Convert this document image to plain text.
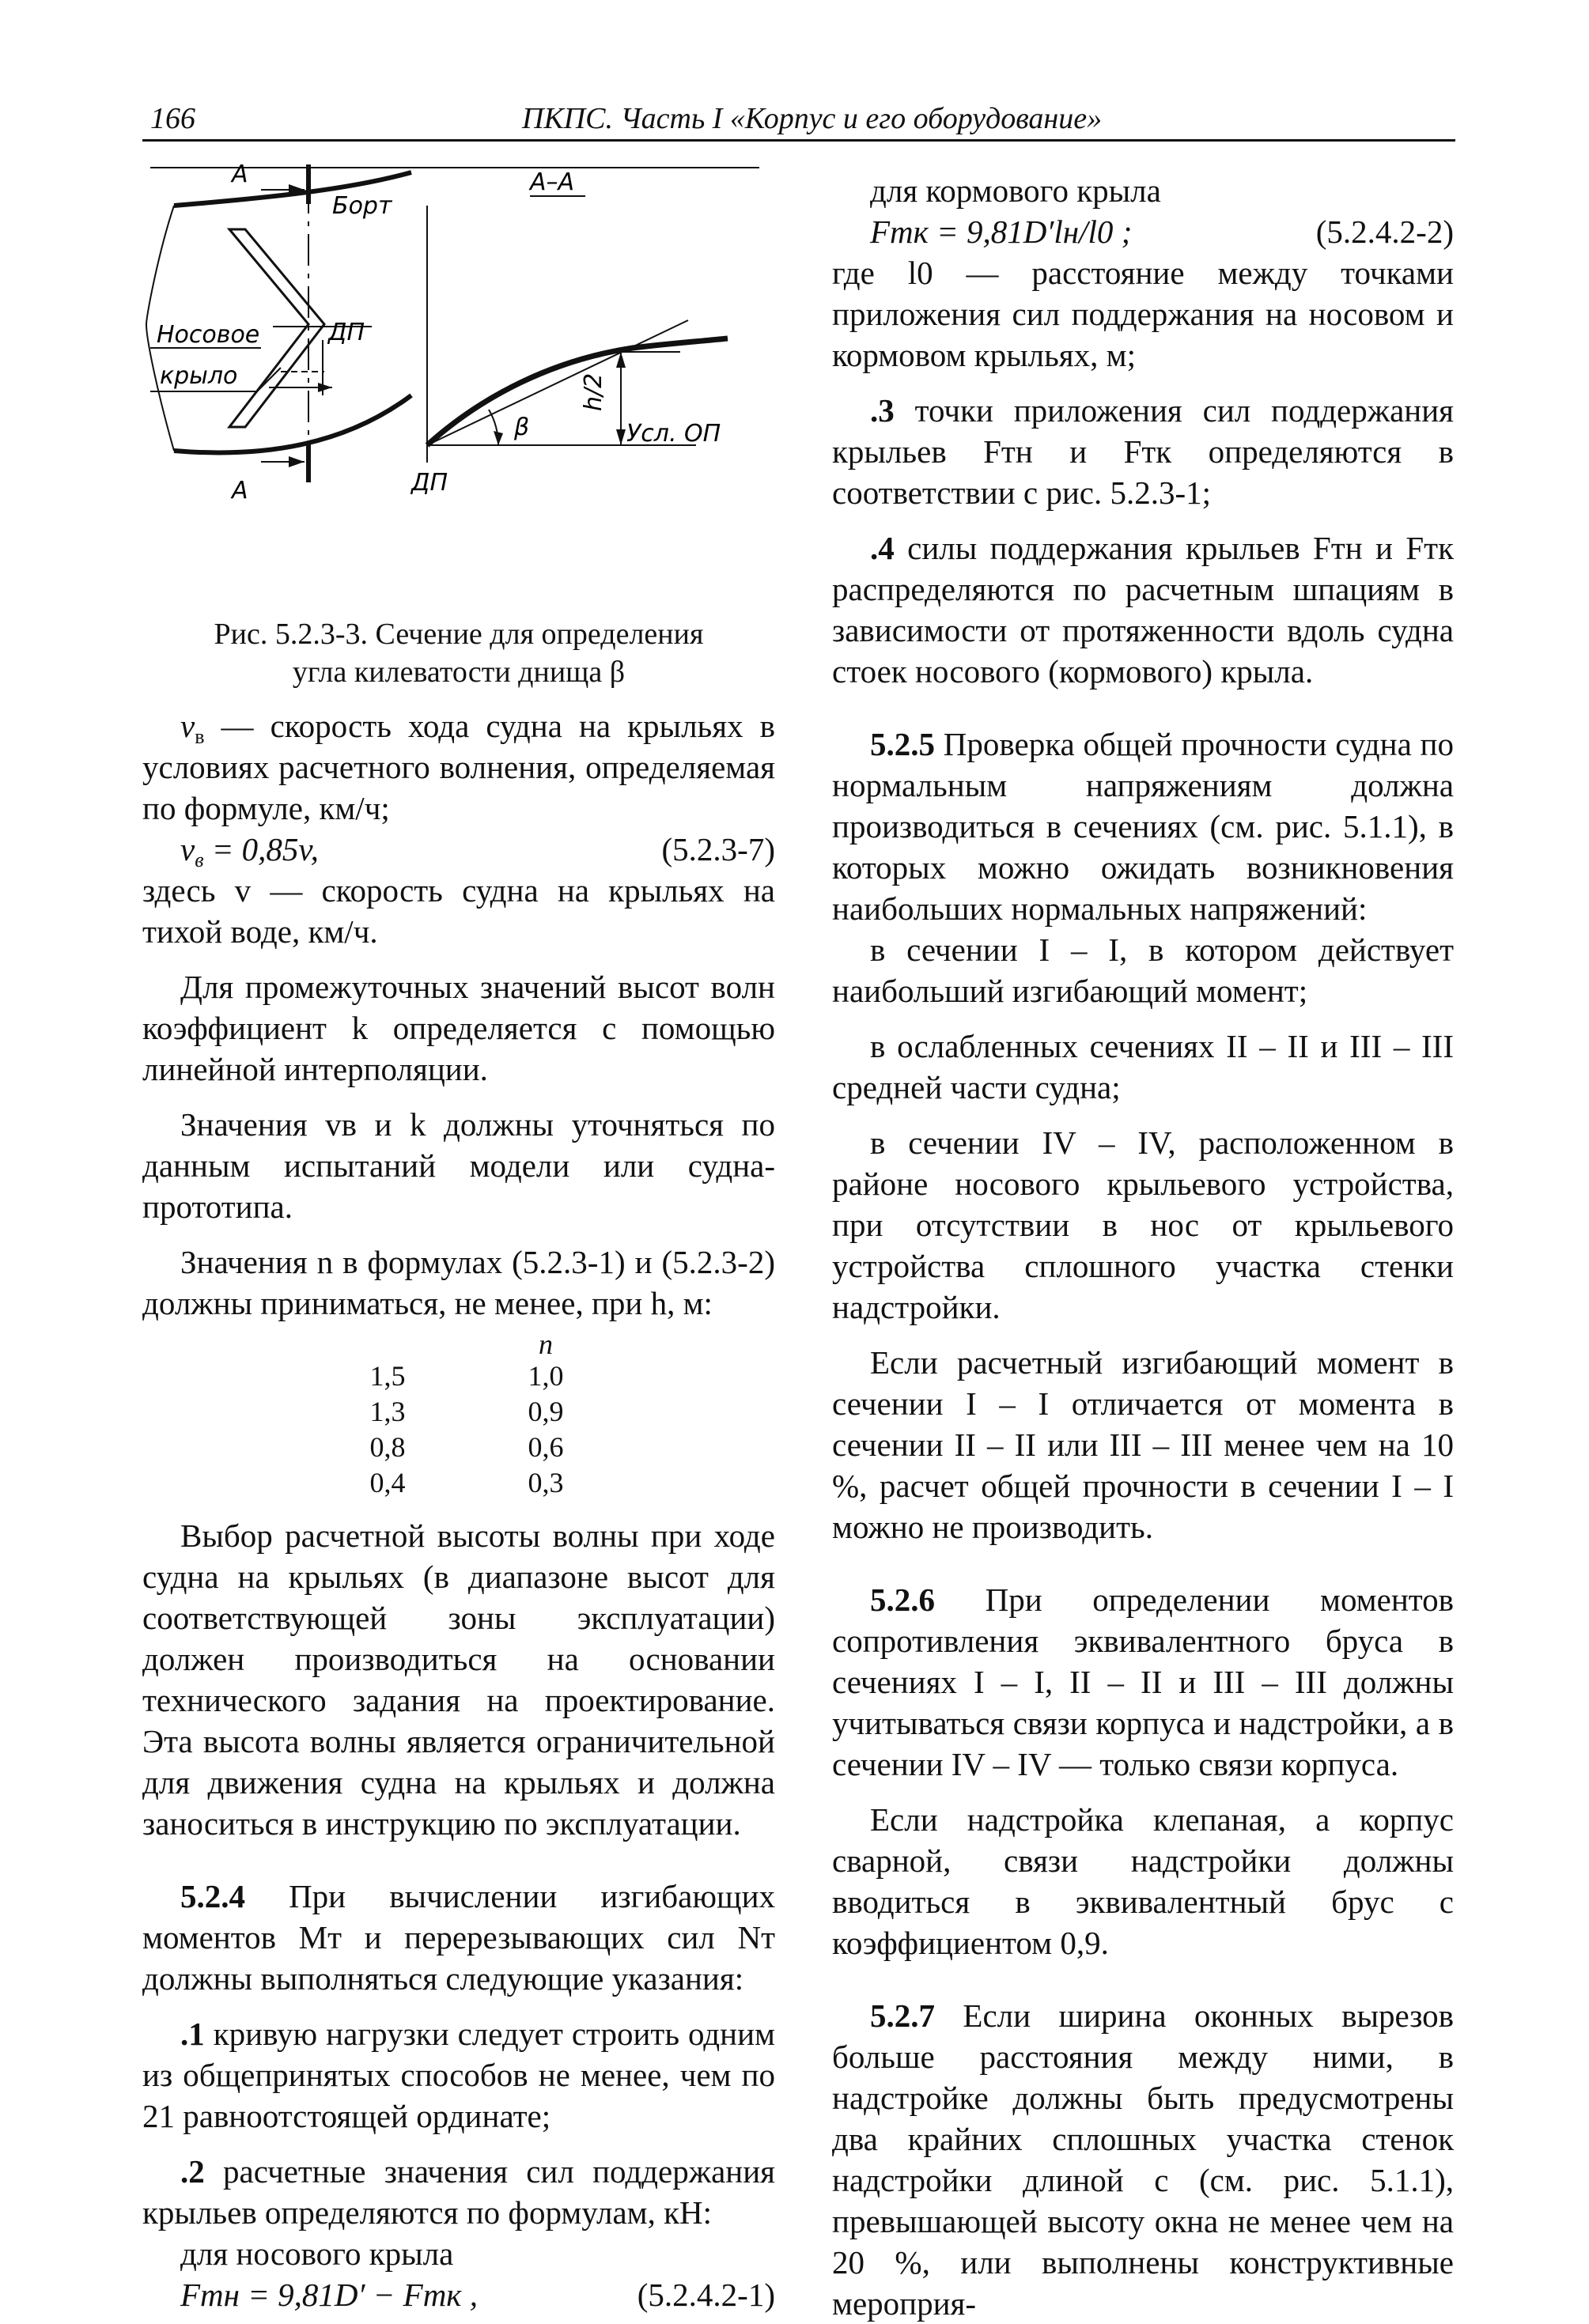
166	ПКПС. Часть I «Корпус и его оборудование»
А
А
Борт
ДП
Носовое
крыло
А–А
β
h/2
Усл. ОП
ДП
Рис. 5.2.3-3. Сечение для определения
угла килеватости днища β

$v_в$ — скорость хода судна на крыльях в условиях расчетного волнения, определяемая по формуле, км/ч;

$v_в = 0,85v$,	(5.2.3-7)

здесь v — скорость судна на крыльях на тихой воде, км/ч.

Для промежуточных значений высот волн коэффициент k определяется с помощью линейной интерполяции.

Значения vв и k должны уточняться по данным испытаний модели или судна-прототипа.

Значения n в формулах (5.2.3-1) и (5.2.3-2) должны приниматься, не менее, при h, м:

n
1,5	1,0
1,3	0,9
0,8	0,6
0,4	0,3

Выбор расчетной высоты волны при ходе судна на крыльях (в диапазоне высот для соответствующей зоны эксплуатации) должен производиться на основании технического задания на проектирование. Эта высота волны является ограничительной для движения судна на крыльях и должна заноситься в инструкцию по эксплуатации.

5.2.4 При вычислении изгибающих моментов Mт и перерезывающих сил Nт должны выполняться следующие указания:

.1 кривую нагрузки следует строить одним из общепринятых способов не менее, чем по 21 равноотстоящей ординате;

.2 расчетные значения сил поддержания крыльев определяются по формулам, кН:

для носового крыла

Fтн = 9,81D′ − Fтк ,	(5.2.4.2-1)

для кормового крыла

Fтк = 9,81D′lн/l0 ;	(5.2.4.2-2)

где l0 — расстояние между точками приложения сил поддержания на носовом и кормовом крыльях, м;

.3 точки приложения сил поддержания крыльев Fтн и Fтк определяются в соответствии с рис. 5.2.3-1;

.4 силы поддержания крыльев Fтн и Fтк распределяются по расчетным шпациям в зависимости от протяженности вдоль судна стоек носового (кормового) крыла.

5.2.5 Проверка общей прочности судна по нормальным напряжениям должна производиться в сечениях (см. рис. 5.1.1), в которых можно ожидать возникновения наибольших нормальных напряжений:

в сечении I – I, в котором действует наибольший изгибающий момент;

в ослабленных сечениях II – II и III – III средней части судна;

в сечении IV – IV, расположенном в районе носового крыльевого устройства, при отсутствии в нос от крыльевого устройства сплошного участка стенки надстройки.

Если расчетный изгибающий момент в сечении I – I отличается от момента в сечении II – II или III – III менее чем на 10 %, расчет общей прочности в сечении I – I можно не производить.

5.2.6 При определении моментов сопротивления эквивалентного бруса в сечениях I – I, II – II и III – III должны учитываться связи корпуса и надстройки, а в сечении IV – IV — только связи корпуса.

Если надстройка клепаная, а корпус сварной, связи надстройки должны вводиться в эквивалентный брус с коэффициентом 0,9.

5.2.7 Если ширина оконных вырезов больше расстояния между ними, в надстройке должны быть предусмотрены два крайних сплошных участка стенок надстройки длиной c (см. рис. 5.1.1), превышающей высоту окна не менее чем на 20 %, или выполнены конструктивные мероприя-
